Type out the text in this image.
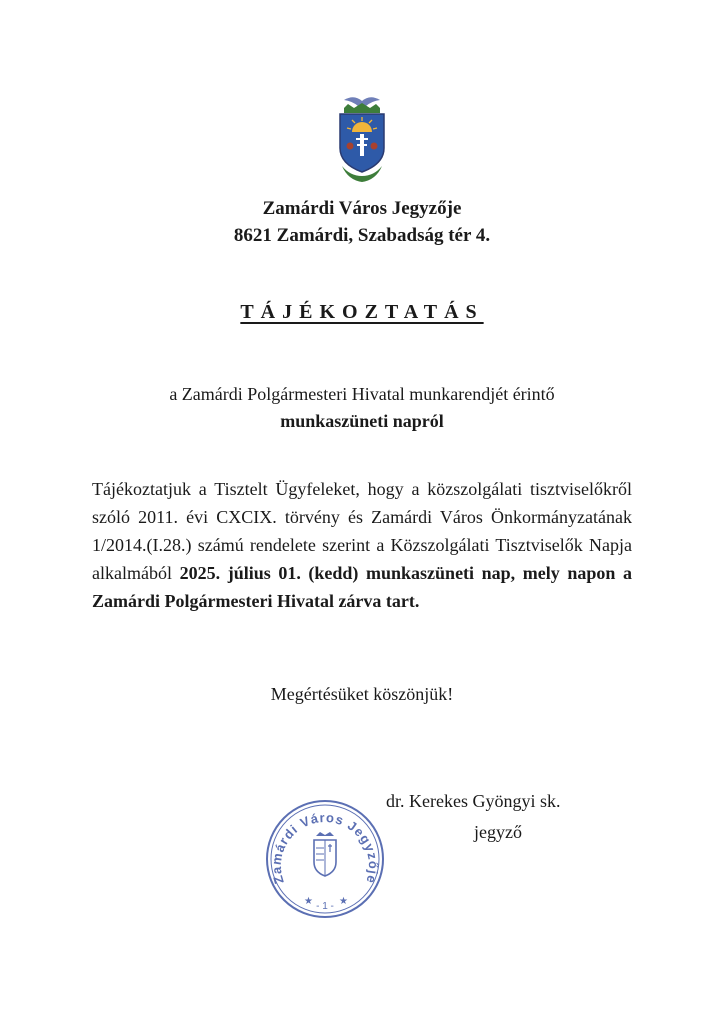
Zamárdi Város Jegyzője
8621 Zamárdi, Szabadság tér 4.
TÁJÉKOZTATÁS
a Zamárdi Polgármesteri Hivatal munkarendjét érintő
munkaszüneti napról
Tájékoztatjuk a Tisztelt Ügyfeleket, hogy a közszolgálati tisztviselőkről szóló 2011. évi CXCIX. törvény és Zamárdi Város Önkormányzatának 1/2014.(I.28.) számú rendelete szerint a Közszolgálati Tisztviselők Napja alkalmából 2025. július 01. (kedd) munkaszüneti nap, mely napon a Zamárdi Polgármesteri Hivatal zárva tart.
Megértésüket köszönjük!
dr. Kerekes Gyöngyi sk.
jegyző
Zamárdi Város Jegyzője
★	★
- 1 -
